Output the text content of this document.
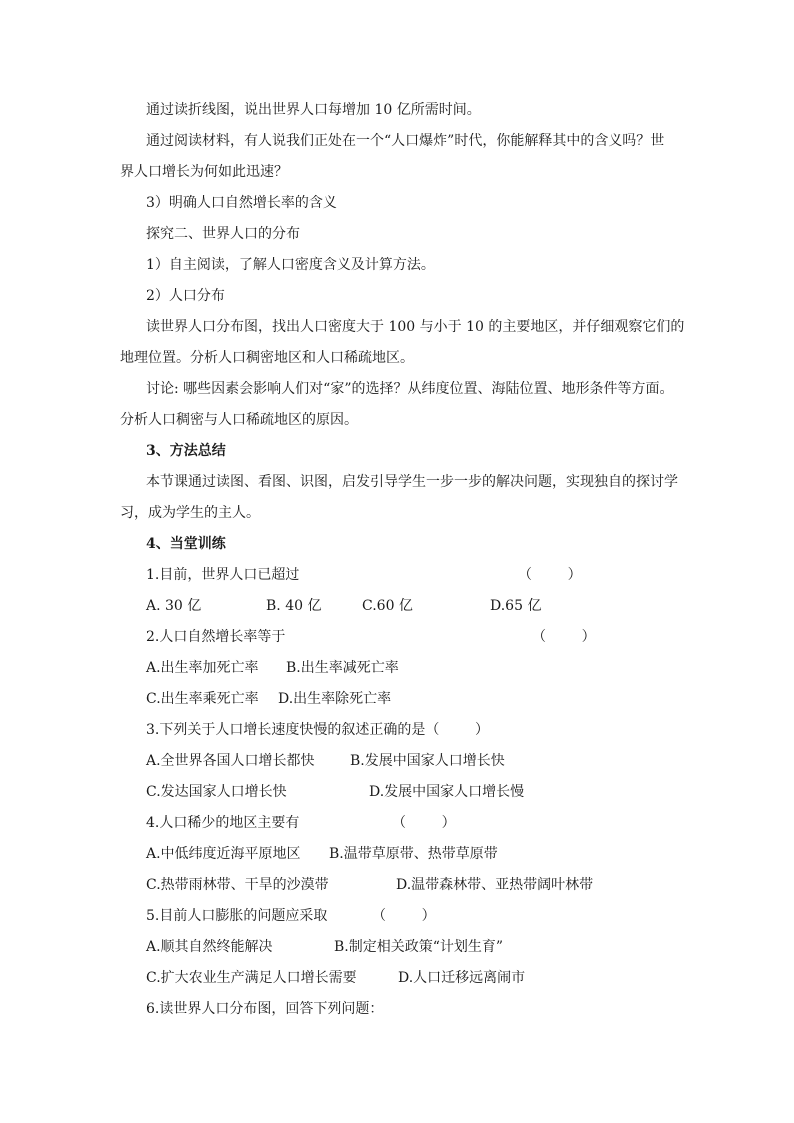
通过读折线图，说出世界人口每增加 10 亿所需时间。
通过阅读材料，有人说我们正处在一个“人口爆炸”时代，你能解释其中的含义吗？世
界人口增长为何如此迅速？
3）明确人口自然增长率的含义
探究二、世界人口的分布
1）自主阅读，了解人口密度含义及计算方法。
2）人口分布
读世界人口分布图，找出人口密度大于 100 与小于 10 的主要地区，并仔细观察它们的
地理位置。分析人口稠密地区和人口稀疏地区。
讨论: 哪些因素会影响人们对“家”的选择？从纬度位置、海陆位置、地形条件等方面。
分析人口稠密与人口稀疏地区的原因。
3、方法总结
本节课通过读图、看图、识图，启发引导学生一步一步的解决问题，实现独自的探讨学
习，成为学生的主人。
4、当堂训练
1.目前，世界人口已超过	（        ）
A. 30 亿	B. 40 亿	C.60 亿	D.65 亿
2.人口自然增长率等于	（        ）
A.出生率加死亡率 B.出生率减死亡率
C.出生率乘死亡率 D.出生率除死亡率
3.下列关于人口增长速度快慢的叙述正确的是（        ）
A.全世界各国人口增长都快	B.发展中国家人口增长快
C.发达国家人口增长快	D.发展中国家人口增长慢
4.人口稀少的地区主要有	（        ）
A.中低纬度近海平原地区 B.温带草原带、热带草原带
C.热带雨林带、干旱的沙漠带	D.温带森林带、亚热带阔叶林带
5.目前人口膨胀的问题应采取	（        ）
A.顺其自然终能解决	B.制定相关政策“计划生育”
C.扩大农业生产满足人口增长需要	D.人口迁移远离闹市
6.读世界人口分布图，回答下列问题：
